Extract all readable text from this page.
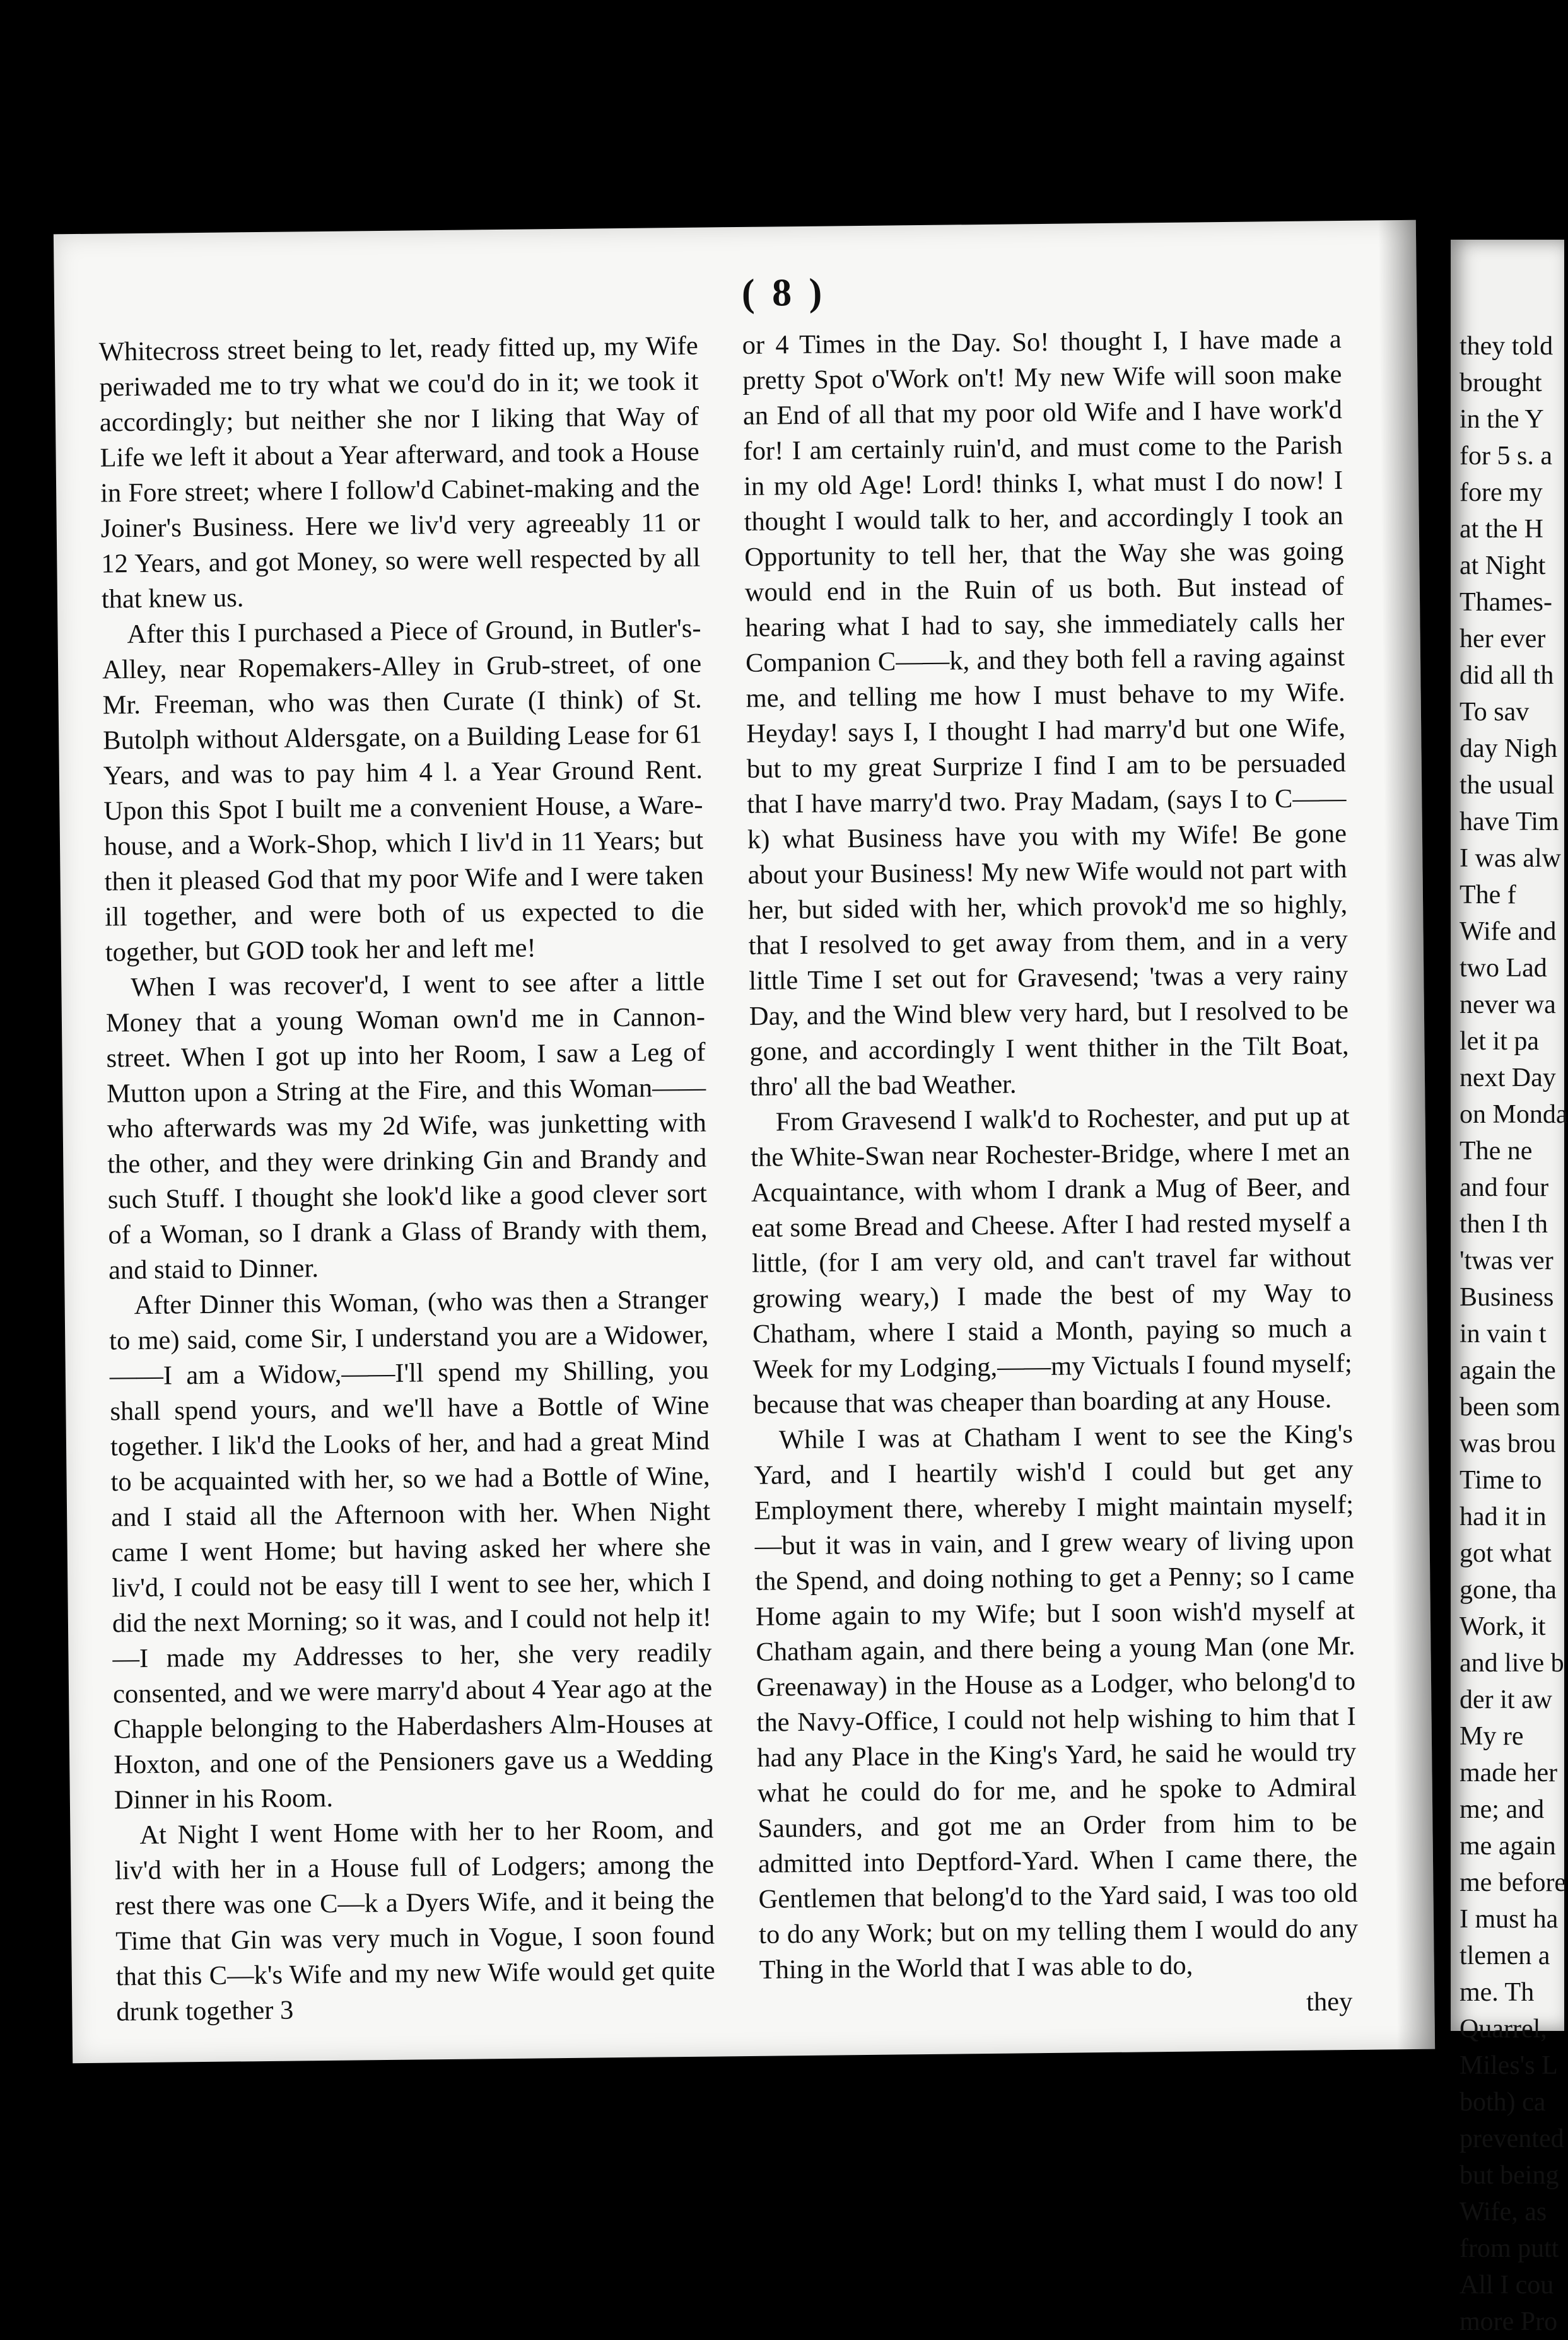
( 8 )

Whitecross street being to let, ready fitted up, my Wife periwaded me to try what we cou'd do in it; we took it accordingly; but neither she nor I liking that Way of Life we left it about a Year afterward, and took a House in Fore street; where I follow'd Cabinet-making and the Joiner's Business. Here we liv'd very agreeably 11 or 12 Years, and got Money, so were well respected by all that knew us.

After this I purchased a Piece of Ground, in Butler's-Alley, near Ropemakers-Alley in Grub-street, of one Mr. Freeman, who was then Curate (I think) of St. Butolph without Aldersgate, on a Building Lease for 61 Years, and was to pay him 4 l. a Year Ground Rent. Upon this Spot I built me a convenient House, a Ware-house, and a Work-Shop, which I liv'd in 11 Years; but then it pleased God that my poor Wife and I were taken ill together, and were both of us expected to die together, but GOD took her and left me!

When I was recover'd, I went to see after a little Money that a young Woman own'd me in Cannon-street. When I got up into her Room, I saw a Leg of Mutton upon a String at the Fire, and this Woman——who afterwards was my 2d Wife, was junketting with the other, and they were drinking Gin and Brandy and such Stuff. I thought she look'd like a good clever sort of a Woman, so I drank a Glass of Brandy with them, and staid to Dinner.

After Dinner this Woman, (who was then a Stranger to me) said, come Sir, I understand you are a Widower,——I am a Widow,——I'll spend my Shilling, you shall spend yours, and we'll have a Bottle of Wine together. I lik'd the Looks of her, and had a great Mind to be acquainted with her, so we had a Bottle of Wine, and I staid all the Afternoon with her. When Night came I went Home; but having asked her where she liv'd, I could not be easy till I went to see her, which I did the next Morning; so it was, and I could not help it!—I made my Addresses to her, she very readily consented, and we were marry'd about 4 Year ago at the Chapple belonging to the Haberdashers Alm-Houses at Hoxton, and one of the Pensioners gave us a Wedding Dinner in his Room.

At Night I went Home with her to her Room, and liv'd with her in a House full of Lodgers; among the rest there was one C—k a Dyers Wife, and it being the Time that Gin was very much in Vogue, I soon found that this C—k's Wife and my new Wife would get quite drunk together 3

or 4 Times in the Day. So! thought I, I have made a pretty Spot o'Work on't! My new Wife will soon make an End of all that my poor old Wife and I have work'd for! I am certainly ruin'd, and must come to the Parish in my old Age! Lord! thinks I, what must I do now! I thought I would talk to her, and accordingly I took an Opportunity to tell her, that the Way she was going would end in the Ruin of us both. But instead of hearing what I had to say, she immediately calls her Companion C——k, and they both fell a raving against me, and telling me how I must behave to my Wife. Heyday! says I, I thought I had marry'd but one Wife, but to my great Surprize I find I am to be persuaded that I have marry'd two. Pray Madam, (says I to C——k) what Business have you with my Wife! Be gone about your Business! My new Wife would not part with her, but sided with her, which provok'd me so highly, that I resolved to get away from them, and in a very little Time I set out for Gravesend; 'twas a very rainy Day, and the Wind blew very hard, but I resolved to be gone, and accordingly I went thither in the Tilt Boat, thro' all the bad Weather.

From Gravesend I walk'd to Rochester, and put up at the White-Swan near Rochester-Bridge, where I met an Acquaintance, with whom I drank a Mug of Beer, and eat some Bread and Cheese. After I had rested myself a little, (for I am very old, and can't travel far without growing weary,) I made the best of my Way to Chatham, where I staid a Month, paying so much a Week for my Lodging,——my Victuals I found myself; because that was cheaper than boarding at any House.

While I was at Chatham I went to see the King's Yard, and I heartily wish'd I could but get any Employment there, whereby I might maintain myself;—but it was in vain, and I grew weary of living upon the Spend, and doing nothing to get a Penny; so I came Home again to my Wife; but I soon wish'd myself at Chatham again, and there being a young Man (one Mr. Greenaway) in the House as a Lodger, who belong'd to the Navy-Office, I could not help wishing to him that I had any Place in the King's Yard, he said he would try what he could do for me, and he spoke to Admiral Saunders, and got me an Order from him to be admitted into Deptford-Yard. When I came there, the Gentlemen that belong'd to the Yard said, I was too old to do any Work; but on my telling them I would do any Thing in the World that I was able to do,

they
they told
brought
in the Y
for 5 s. a
fore my
at the H
at Night
Thames-
her ever
did all th
To sav
day Nigh
the usual
have Tim
I was alw
The f
Wife and
two Lad
never wa
let it pa
next Day
on Monda
The ne
and four
then I th
'twas ver
Business
in vain t
again the
been som
was brou
Time to
had it in
got what
gone, tha
Work, it
and live b
der it aw
My re
made her
me; and
me again
me before
I must ha
tlemen a
me. Th
Quarrel,
Miles's L
both) ca
prevented
but being
Wife, as
from putt
All I cou
more Pro
